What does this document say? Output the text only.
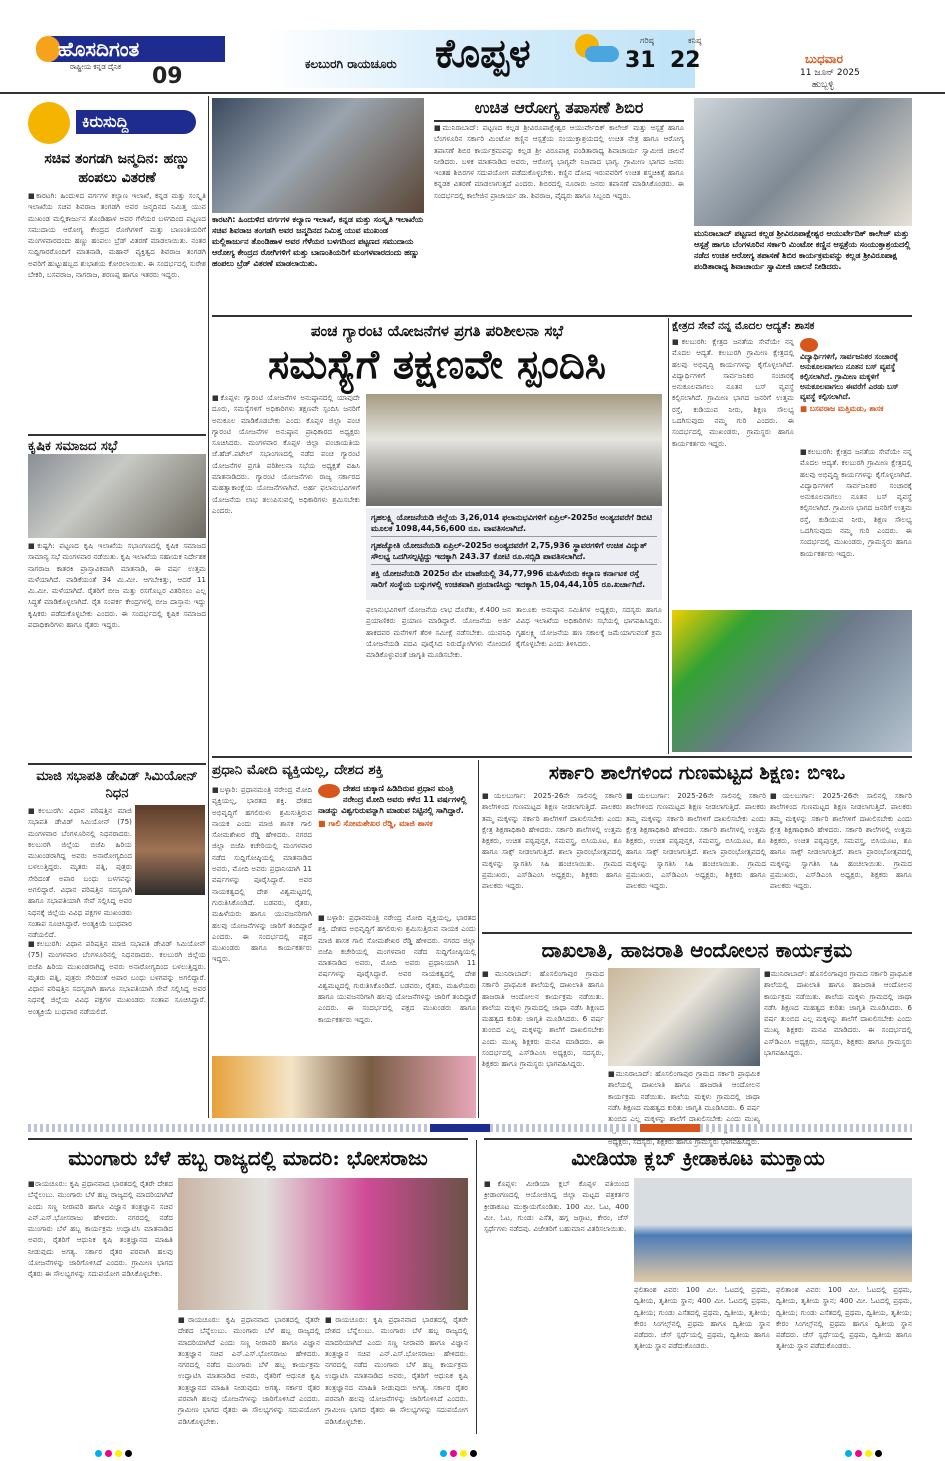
ಹೊಸದಿಗಂತ
ರಾಷ್ಟ್ರೀಯ ಕನ್ನಡ ದೈನಿಕ 09	ಕಲಬುರಗಿ ರಾಯಚೂರು ಕೊಪ್ಪಳ	ಗರಿಷ್ಠ
31
ಕನಿಷ್ಠ
22	ಬುಧವಾರ
11 ಜೂನ್ 2025
ಹುಬ್ಬಳ್ಳಿ
ಕಿರುಸುದ್ದಿ
ಸಚಿವ ತಂಗಡಗಿ ಜನ್ಮದಿನ: ಹಣ್ಣು ಹಂಪಲು ವಿತರಣೆ
■ಕಾರಟಗಿ: ಹಿಂದುಳಿದ ವರ್ಗಗಳ ಕಲ್ಯಾಣ ಇಲಾಖೆ, ಕನ್ನಡ ಮತ್ತು ಸಂಸ್ಕೃತಿ ಇಲಾಖೆಯ ಸಚಿವ ಶಿವರಾಜ ತಂಗಡಗಿ ಅವರ ಜನ್ಮದಿನದ ನಿಮಿತ್ತ ಯುವ ಮುಖಂಡ ಮಲ್ಲಿಕಾರ್ಜುನ ತೊಂಡಿಹಾಳ ಅವರ ಗೆಳೆಯರ ಬಳಗದಿಂದ ಪಟ್ಟಣದ ಸಮುದಾಯ ಆರೋಗ್ಯ ಕೇಂದ್ರದ ರೋಗಿಗಳಿಗೆ ಮತ್ತು ಬಾಣಂತಿಯರಿಗೆ ಮಂಗಳವಾರದಂದು ಹಣ್ಣು ಹಂಪಲು ಬ್ರೆಡ್ ವಿತರಣೆ ಮಾಡಲಾಯಿತು. ನಂತರ ಸುದ್ದಿಗಾರರೊಂದಿಗೆ ಮಾತನಾಡಿ, ಮಹಾನ್ ವ್ಯಕ್ತಿತ್ವದ ಶಿವರಾಜ ತಂಗಡಗಿ ಅವರಿಗೆ ಹುಟ್ಟುಹಬ್ಬದ ಶುಭಾಶಯ ಕೋರಲಾಯಿತು. ಈ ಸಂದರ್ಭದಲ್ಲಿ ಸುರೇಶ ಬೇಕರಿ, ಬಸವರಾಜ, ನಾಗರಾಜ, ಶರಣಪ್ಪ ಹಾಗೂ ಇತರರು ಇದ್ದರು.
ಕೃಷಿಕ ಸಮಾಜದ ಸಭೆ
■ಕುಷ್ಟಗಿ: ಪಟ್ಟಣದ ಕೃಷಿ ಇಲಾಖೆಯ ಸಭಾಂಗಣದಲ್ಲಿ ಕೃಷಿಕ ಸಮಾಜದ ಸಾಮಾನ್ಯ ಸಭೆ ಮಂಗಳವಾರ ನಡೆಯಿತು. ಕೃಷಿ ಇಲಾಖೆಯ ಸಹಾಯಕ ನಿರ್ದೇಶಕ ನಾಗರಾಜ ಕಾತರಕಿ ಪ್ರಾಸ್ತಾವಿಕವಾಗಿ ಮಾತನಾಡಿ, ಈ ವರ್ಷ ಉತ್ತಮ ಮಳೆಯಾಗಿದೆ. ವಾಡಿಕೆಯಂತೆ 34 ಮಿ.ಮೀ. ಆಗಬೇಕಿತ್ತು, ಆದರೆ 11 ಮಿ.ಮೀ. ಮಳೆಯಾಗಿದೆ. ರೈತರಿಗೆ ಬೀಜ ಮತ್ತು ರಸಗೊಬ್ಬರ ವಿತರಿಸಲು ಎಲ್ಲ ಸಿದ್ಧತೆ ಮಾಡಿಕೊಳ್ಳಲಾಗಿದೆ. ರೈತ ಸಂಪರ್ಕ ಕೇಂದ್ರಗಳಲ್ಲಿ ಬೀಜ ದಾಸ್ತಾನು ಇದ್ದು ಕೃಷಿಕರು ಪಡೆದುಕೊಳ್ಳಬೇಕು ಎಂದರು. ಈ ಸಂದರ್ಭದಲ್ಲಿ ಕೃಷಿಕ ಸಮಾಜದ ಪದಾಧಿಕಾರಿಗಳು ಹಾಗೂ ರೈತರು ಇದ್ದರು.
ಮಾಜಿ ಸಭಾಪತಿ ಡೇವಿಡ್ ಸಿಮಿಯೋನ್ ನಿಧನ
■ಕಲಬುರಗಿ: ವಿಧಾನ ಪರಿಷತ್ತಿನ ಮಾಜಿ ಸಭಾಪತಿ ಡೇವಿಡ್ ಸಿಮಿಯೋನ್ (75) ಮಂಗಳವಾರ ಬೆಂಗಳೂರಿನಲ್ಲಿ ನಿಧನರಾದರು. ಕಲಬುರಗಿ ಜಿಲ್ಲೆಯ ಬಿಜೆಪಿ ಹಿರಿಯ ಮುಖಂಡರಾಗಿದ್ದ ಅವರು ಅನಾರೋಗ್ಯದಿಂದ ಬಳಲುತ್ತಿದ್ದರು. ಮೃತರು ಪತ್ನಿ, ಪುತ್ರರು ಸೇರಿದಂತೆ ಅಪಾರ ಬಂಧು ಬಳಗವನ್ನು ಅಗಲಿದ್ದಾರೆ. ವಿಧಾನ ಪರಿಷತ್ತಿನ ಸದಸ್ಯರಾಗಿ ಹಾಗೂ ಸಭಾಪತಿಯಾಗಿ ಸೇವೆ ಸಲ್ಲಿಸಿದ್ದ ಅವರ ನಿಧನಕ್ಕೆ ಜಿಲ್ಲೆಯ ವಿವಿಧ ಪಕ್ಷಗಳ ಮುಖಂಡರು ಸಂತಾಪ ಸೂಚಿಸಿದ್ದಾರೆ. ಅಂತ್ಯಕ್ರಿಯೆ ಬುಧವಾರ ನಡೆಯಲಿದೆ.
■ಕಲಬುರಗಿ: ವಿಧಾನ ಪರಿಷತ್ತಿನ ಮಾಜಿ ಸಭಾಪತಿ ಡೇವಿಡ್ ಸಿಮಿಯೋನ್ (75) ಮಂಗಳವಾರ ಬೆಂಗಳೂರಿನಲ್ಲಿ ನಿಧನರಾದರು. ಕಲಬುರಗಿ ಜಿಲ್ಲೆಯ ಬಿಜೆಪಿ ಹಿರಿಯ ಮುಖಂಡರಾಗಿದ್ದ ಅವರು ಅನಾರೋಗ್ಯದಿಂದ ಬಳಲುತ್ತಿದ್ದರು. ಮೃತರು ಪತ್ನಿ, ಪುತ್ರರು ಸೇರಿದಂತೆ ಅಪಾರ ಬಂಧು ಬಳಗವನ್ನು ಅಗಲಿದ್ದಾರೆ. ವಿಧಾನ ಪರಿಷತ್ತಿನ ಸದಸ್ಯರಾಗಿ ಹಾಗೂ ಸಭಾಪತಿಯಾಗಿ ಸೇವೆ ಸಲ್ಲಿಸಿದ್ದ ಅವರ ನಿಧನಕ್ಕೆ ಜಿಲ್ಲೆಯ ವಿವಿಧ ಪಕ್ಷಗಳ ಮುಖಂಡರು ಸಂತಾಪ ಸೂಚಿಸಿದ್ದಾರೆ. ಅಂತ್ಯಕ್ರಿಯೆ ಬುಧವಾರ ನಡೆಯಲಿದೆ.
ಕಾರಟಗಿ: ಹಿಂದುಳಿದ ವರ್ಗಗಳ ಕಲ್ಯಾಣ ಇಲಾಖೆ, ಕನ್ನಡ ಮತ್ತು ಸಂಸ್ಕೃತಿ ಇಲಾಖೆಯ ಸಚಿವ ಶಿವರಾಜ ತಂಗಡಗಿ ಅವರ ಜನ್ಮದಿನದ ನಿಮಿತ್ತ ಯುವ ಮುಖಂಡ ಮಲ್ಲಿಕಾರ್ಜುನ ತೊಂಡಿಹಾಳ ಅವರ ಗೆಳೆಯರ ಬಳಗದಿಂದ ಪಟ್ಟಣದ ಸಮುದಾಯ ಆರೋಗ್ಯ ಕೇಂದ್ರದ ರೋಗಿಗಳಿಗೆ ಮತ್ತು ಬಾಣಂತಿಯರಿಗೆ ಮಂಗಳವಾರದಂದು ಹಣ್ಣು ಹಂಪಲು ಬ್ರೆಡ್ ವಿತರಣೆ ಮಾಡಲಾಯಿತು.
ಉಚಿತ ಆರೋಗ್ಯ ತಪಾಸಣೆ ಶಿಬಿರ
■ಮುನಿರಾಬಾದ್: ಪಟ್ಟಣದ ಕಲ್ಲಡ ಶ್ರೀವಿರೂಪಾಕ್ಷೇಶ್ವರ ಆಯುರ್ವೇದಿಕ್ ಕಾಲೇಜ್ ಮತ್ತು ಆಸ್ಪತ್ರೆ ಹಾಗೂ ಬೆಂಗಳೂರಿನ ಸರ್ಕಾರಿ ಮಿಂಟೋ ಕಣ್ಣಿನ ಆಸ್ಪತ್ರೆಯ ಸಂಯುಕ್ತಾಶ್ರಯದಲ್ಲಿ ಉಚಿತ ನೇತ್ರ ಹಾಗೂ ಆರೋಗ್ಯ ತಪಾಸಣೆ ಶಿಬಿರ ಕಾರ್ಯಕ್ರಮವನ್ನು ಕಲ್ಲಡ ಶ್ರೀ ವಿರೂಪಾಕ್ಷ ಪಂಡಿತಾರಾಧ್ಯ ಶಿವಾಚಾರ್ಯ ಸ್ವಾಮೀಜಿ ಚಾಲನೆ ನೀಡಿದರು. ಬಳಿಕ ಮಾತನಾಡಿದ ಅವರು, ಆರೋಗ್ಯ ಭಾಗ್ಯವೇ ನಿಜವಾದ ಭಾಗ್ಯ. ಗ್ರಾಮೀಣ ಭಾಗದ ಜನರು ಇಂತಹ ಶಿಬಿರಗಳ ಸದುಪಯೋಗ ಪಡೆದುಕೊಳ್ಳಬೇಕು. ಕಣ್ಣಿನ ದೋಷ ಇರುವವರಿಗೆ ಉಚಿತ ಶಸ್ತ್ರಚಿಕಿತ್ಸೆ ಹಾಗೂ ಕನ್ನಡಕ ವಿತರಣೆ ಮಾಡಲಾಗುತ್ತದೆ ಎಂದರು. ಶಿಬಿರದಲ್ಲಿ ನೂರಾರು ಜನರು ತಪಾಸಣೆ ಮಾಡಿಸಿಕೊಂಡರು. ಈ ಸಂದರ್ಭದಲ್ಲಿ ಕಾಲೇಜಿನ ಪ್ರಾಚಾರ್ಯ ಡಾ. ಶಿವರಾಜ, ವೈದ್ಯರು ಹಾಗೂ ಸಿಬ್ಬಂದಿ ಇದ್ದರು.
ಮುನಿರಾಬಾದ್ ಪಟ್ಟಣದ ಕಲ್ಲಡ ಶ್ರೀವಿರೂಪಾಕ್ಷೇಶ್ವರ ಆಯುರ್ವೇದಿಕ್ ಕಾಲೇಜ್ ಮತ್ತು ಆಸ್ಪತ್ರೆ ಹಾಗೂ ಬೆಂಗಳೂರಿನ ಸರ್ಕಾರಿ ಮಿಂಟೋ ಕಣ್ಣಿನ ಆಸ್ಪತ್ರೆಯ ಸಂಯುಕ್ತಾಶ್ರಯದಲ್ಲಿ ನಡೆದ ಉಚಿತ ಆರೋಗ್ಯ ತಪಾಸಣೆ ಶಿಬಿರ ಕಾರ್ಯಕ್ರಮವನ್ನು ಕಲ್ಲಡ ಶ್ರೀವಿರೂಪಾಕ್ಷ ಪಂಡಿತಾರಾಧ್ಯ ಶಿವಾಚಾರ್ಯ ಸ್ವಾಮೀಜಿ ಚಾಲನೆ ನೀಡಿದರು.
ಪಂಚ ಗ್ಯಾರಂಟಿ ಯೋಜನೆಗಳ ಪ್ರಗತಿ ಪರಿಶೀಲನಾ ಸಭೆ
ಸಮಸ್ಯೆಗೆ ತಕ್ಷಣವೇ ಸ್ಪಂದಿಸಿ
■ಕೊಪ್ಪಳ: ಗ್ಯಾರಂಟಿ ಯೋಜನೆಗಳ ಅನುಷ್ಠಾನದಲ್ಲಿ ಯಾವುದೇ ದೂರು, ಸಮಸ್ಯೆಗಳಿಗೆ ಅಧಿಕಾರಿಗಳು ತಕ್ಷಣವೇ ಸ್ಪಂದಿಸಿ ಜನರಿಗೆ ಅನುಕೂಲ ಮಾಡಿಕೊಡಬೇಕು ಎಂದು ಕೊಪ್ಪಳ ಜಿಲ್ಲಾ ಪಂಚ ಗ್ಯಾರಂಟಿ ಯೋಜನೆಗಳ ಅನುಷ್ಠಾನ ಪ್ರಾಧಿಕಾರದ ಅಧ್ಯಕ್ಷರು ಸೂಚಿಸಿದರು. ಮಂಗಳವಾರ ಕೊಪ್ಪಳ ಜಿಲ್ಲಾ ಪಂಚಾಯತಿಯ ಜೆ.ಹೆಚ್.ಪಟೇಲ್ ಸಭಾಂಗಣದಲ್ಲಿ ನಡೆದ ಪಂಚ ಗ್ಯಾರಂಟಿ ಯೋಜನೆಗಳ ಪ್ರಗತಿ ಪರಿಶೀಲನಾ ಸಭೆಯ ಅಧ್ಯಕ್ಷತೆ ವಹಿಸಿ ಮಾತನಾಡಿದರು. ಗ್ಯಾರಂಟಿ ಯೋಜನೆಗಳು ರಾಜ್ಯ ಸರ್ಕಾರದ ಮಹತ್ವಾಕಾಂಕ್ಷೆಯ ಯೋಜನೆಗಳಾಗಿವೆ. ಅರ್ಹ ಫಲಾನುಭವಿಗಳಿಗೆ ಯೋಜನೆಯ ಲಾಭ ತಲುಪಿಸುವಲ್ಲಿ ಅಧಿಕಾರಿಗಳು ಶ್ರಮಿಸಬೇಕು ಎಂದರು.
ಗೃಹಲಕ್ಷ್ಮಿ ಯೋಜನೆಯಡಿ ಜಿಲ್ಲೆಯ 3,26,014 ಫಲಾನುಭವಿಗಳಿಗೆ ಏಪ್ರಿಲ್-2025ರ ಅಂತ್ಯದವರೆಗೆ ಡಿಬಿಟಿ ಮೂಲಕ 1098,44,56,600 ರೂ. ವಾವತಿಸಲಾಗಿದೆ.
ಗೃಹಜ್ಯೋತಿ ಯೋಜನೆಯಡಿ ಏಪ್ರಿಲ್-2025ರ ಅಂತ್ಯದವರೆಗೆ 2,75,936 ಸ್ಥಾವರಗಳಿಗೆ ಉಚಿತ ವಿದ್ಯುತ್ ಸೌಲಭ್ಯ ಒದಗಿಸಲ್ಪಟ್ಟಿದ್ದು ಇದಕ್ಕಾಗಿ 243.37 ಕೋಟಿ ರೂ.ಸಬ್ಸಿಡಿ ಪಾವತಿಸಲಾಗಿದೆ.
ಶಕ್ತಿ ಯೋಜನೆಯಡಿ 2025ರ ಮೇ ಮಾಹೆಯಲ್ಲಿ 34,77,996 ಮಹಿಳೆಯರು ಕಲ್ಯಾಣ ಕರ್ನಾಟಕ ರಸ್ತೆ ಸಾರಿಗೆ ಸಂಸ್ಥೆಯ ಬಸ್ಸುಗಳಲ್ಲಿ ಉಚಿತವಾಗಿ ಪ್ರಯಾಣಿಸಿದ್ದು ಇದಕ್ಕಾಗಿ 15,04,44,105 ರೂ.ಖರ್ಚಾಗಿದೆ.
ಫಲಾನುಭವಿಗಳಿಗೆ ಯೋಜನೆಯ ಲಾಭ ದೊರೆತು, ಕೆ.400 ಜನ ಪ್ರಯಾಣಿಕರು ಪ್ರಯಾಣ ಮಾಡಿದ್ದಾರೆ. ಯೋಜನೆಯ ಅರ್ಜಿ ಹಾಕದವರ ಮನೆಗಳಿಗೆ ತೆರಳಿ ಸಮೀಕ್ಷೆ ನಡೆಸಬೇಕು. ಯುವನಿಧಿ ಯೋಜನೆಯಡಿ ಪದವಿ ಪೂರೈಸಿದ ನಿರುದ್ಯೋಗಿಗಳು ನೋಂದಣಿ ಮಾಡಿಕೊಳ್ಳುವಂತೆ ಜಾಗೃತಿ ಮೂಡಿಸಬೇಕು.
ತಾಲೂಕು ಅನುಷ್ಠಾನ ಸಮಿತಿಗಳ ಅಧ್ಯಕ್ಷರು, ಸದಸ್ಯರು ಹಾಗೂ ವಿವಿಧ ಇಲಾಖೆಯ ಅಧಿಕಾರಿಗಳು ಸಭೆಯಲ್ಲಿ ಭಾಗವಹಿಸಿದ್ದರು. ಗೃಹಲಕ್ಷ್ಮಿ ಯೋಜನೆಯ ಹಣ ಸಕಾಲಕ್ಕೆ ಜಮೆಯಾಗುವಂತೆ ಕ್ರಮ ಕೈಗೊಳ್ಳಬೇಕು ಎಂದು ತಿಳಿಸಿದರು.
ಕ್ಷೇತ್ರದ ಸೇವೆ ನನ್ನ ಮೊದಲ ಆದ್ಯತೆ: ಶಾಸಕ
■ಕಲಬುರಗಿ: ಕ್ಷೇತ್ರದ ಜನತೆಯ ಸೇವೆಯೇ ನನ್ನ ಮೊದಲ ಆದ್ಯತೆ. ಕಲಬುರಗಿ ಗ್ರಾಮೀಣ ಕ್ಷೇತ್ರದಲ್ಲಿ ಹಲವು ಅಭಿವೃದ್ಧಿ ಕಾರ್ಯಗಳನ್ನು ಕೈಗೊಳ್ಳಲಾಗಿದೆ. ವಿದ್ಯಾರ್ಥಿಗಳಿಗೆ ಸಾರ್ವಜನಿಕರ ಸಂಚಾರಕ್ಕೆ ಅನುಕೂಲವಾಗಲು ನೂತನ ಬಸ್ ವ್ಯವಸ್ಥೆ ಕಲ್ಪಿಸಲಾಗಿದೆ. ಗ್ರಾಮೀಣ ಭಾಗದ ಜನರಿಗೆ ಉತ್ತಮ ರಸ್ತೆ, ಕುಡಿಯುವ ನೀರು, ಶಿಕ್ಷಣ ಸೌಲಭ್ಯ ಒದಗಿಸುವುದು ನಮ್ಮ ಗುರಿ ಎಂದರು. ಈ ಸಂದರ್ಭದಲ್ಲಿ ಮುಖಂಡರು, ಗ್ರಾಮಸ್ಥರು ಹಾಗೂ ಕಾರ್ಯಕರ್ತರು ಇದ್ದರು.
ವಿದ್ಯಾರ್ಥಿಗಳಿಗೆ, ಸಾರ್ವಜನಿಕರ ಸಂಚಾರಕ್ಕೆ ಅನುಕೂಲವಾಗಲು ನೂತನ ಬಸ್ ವ್ಯವಸ್ಥೆ ಕಲ್ಪಿಸಲಾಗಿದೆ. ಗ್ರಾಮೀಣ ಮಕ್ಕಳಿಗೆ ಅನುಕೂಲವಾಗಲು ಈವರೆಗೆ ಎರಡು ಬಸ್ ವ್ಯವಸ್ಥೆ ಕಲ್ಪಿಸಲಾಗಿದೆ.
■ ಬಸವರಾಜ ಮತ್ತಿಮಡು, ಶಾಸಕ
■ಕಲಬುರಗಿ: ಕ್ಷೇತ್ರದ ಜನತೆಯ ಸೇವೆಯೇ ನನ್ನ ಮೊದಲ ಆದ್ಯತೆ. ಕಲಬುರಗಿ ಗ್ರಾಮೀಣ ಕ್ಷೇತ್ರದಲ್ಲಿ ಹಲವು ಅಭಿವೃದ್ಧಿ ಕಾರ್ಯಗಳನ್ನು ಕೈಗೊಳ್ಳಲಾಗಿದೆ. ವಿದ್ಯಾರ್ಥಿಗಳಿಗೆ ಸಾರ್ವಜನಿಕರ ಸಂಚಾರಕ್ಕೆ ಅನುಕೂಲವಾಗಲು ನೂತನ ಬಸ್ ವ್ಯವಸ್ಥೆ ಕಲ್ಪಿಸಲಾಗಿದೆ. ಗ್ರಾಮೀಣ ಭಾಗದ ಜನರಿಗೆ ಉತ್ತಮ ರಸ್ತೆ, ಕುಡಿಯುವ ನೀರು, ಶಿಕ್ಷಣ ಸೌಲಭ್ಯ ಒದಗಿಸುವುದು ನಮ್ಮ ಗುರಿ ಎಂದರು. ಈ ಸಂದರ್ಭದಲ್ಲಿ ಮುಖಂಡರು, ಗ್ರಾಮಸ್ಥರು ಹಾಗೂ ಕಾರ್ಯಕರ್ತರು ಇದ್ದರು.
ಪ್ರಧಾನಿ ಮೋದಿ ವ್ಯಕ್ತಿಯಲ್ಲ, ದೇಶದ ಶಕ್ತಿ
■ಬಳ್ಳಾರಿ: ಪ್ರಧಾನಮಂತ್ರಿ ನರೇಂದ್ರ ಮೋದಿ ವ್ಯಕ್ತಿಯಲ್ಲ, ಭಾರತದ ಶಕ್ತಿ. ದೇಶದ ಅಭಿವೃದ್ಧಿಗೆ ಹಗಲಿರುಳು ಶ್ರಮಿಸುತ್ತಿರುವ ನಾಯಕ ಎಂದು ಮಾಜಿ ಶಾಸಕ ಗಾಲಿ ಸೋಮಶೇಖರ ರೆಡ್ಡಿ ಹೇಳಿದರು. ನಗರದ ಜಿಲ್ಲಾ ಬಿಜೆಪಿ ಕಚೇರಿಯಲ್ಲಿ ಮಂಗಳವಾರ ನಡೆದ ಸುದ್ದಿಗೋಷ್ಠಿಯಲ್ಲಿ ಮಾತನಾಡಿದ ಅವರು, ಮೋದಿ ಅವರು ಪ್ರಧಾನಿಯಾಗಿ 11 ವರ್ಷಗಳನ್ನು ಪೂರೈಸಿದ್ದಾರೆ. ಅವರ ನಾಯಕತ್ವದಲ್ಲಿ ದೇಶ ವಿಶ್ವಮಟ್ಟದಲ್ಲಿ ಗುರುತಿಸಿಕೊಂಡಿದೆ. ಬಡವರು, ರೈತರು, ಮಹಿಳೆಯರು ಹಾಗೂ ಯುವಜನರಿಗಾಗಿ ಹಲವು ಯೋಜನೆಗಳನ್ನು ಜಾರಿಗೆ ತಂದಿದ್ದಾರೆ ಎಂದರು. ಈ ಸಂದರ್ಭದಲ್ಲಿ ಪಕ್ಷದ ಮುಖಂಡರು ಹಾಗೂ ಕಾರ್ಯಕರ್ತರು ಇದ್ದರು.
ದೇಶದ ಚುಕ್ಕಾಣಿ ಹಿಡಿದಿರುವ ಪ್ರಧಾನ ಮಂತ್ರಿ ನರೇಂದ್ರ ಮೋದಿ ಅವರು ಕಳೆದ 11 ವರ್ಷಗಳಲ್ಲಿ ನಾಡನ್ನು ವಿಶ್ವಗುರುವನ್ನಾಗಿ ಮಾಡುವ ನಿಟ್ಟಿನಲ್ಲಿ ಸಾಗಿದ್ದಾರೆ.
■ ಗಾಲಿ ಸೋಮಶೇಖರ ರೆಡ್ಡಿ, ಮಾಜಿ ಶಾಸಕ
■ಬಳ್ಳಾರಿ: ಪ್ರಧಾನಮಂತ್ರಿ ನರೇಂದ್ರ ಮೋದಿ ವ್ಯಕ್ತಿಯಲ್ಲ, ಭಾರತದ ಶಕ್ತಿ. ದೇಶದ ಅಭಿವೃದ್ಧಿಗೆ ಹಗಲಿರುಳು ಶ್ರಮಿಸುತ್ತಿರುವ ನಾಯಕ ಎಂದು ಮಾಜಿ ಶಾಸಕ ಗಾಲಿ ಸೋಮಶೇಖರ ರೆಡ್ಡಿ ಹೇಳಿದರು. ನಗರದ ಜಿಲ್ಲಾ ಬಿಜೆಪಿ ಕಚೇರಿಯಲ್ಲಿ ಮಂಗಳವಾರ ನಡೆದ ಸುದ್ದಿಗೋಷ್ಠಿಯಲ್ಲಿ ಮಾತನಾಡಿದ ಅವರು, ಮೋದಿ ಅವರು ಪ್ರಧಾನಿಯಾಗಿ 11 ವರ್ಷಗಳನ್ನು ಪೂರೈಸಿದ್ದಾರೆ. ಅವರ ನಾಯಕತ್ವದಲ್ಲಿ ದೇಶ ವಿಶ್ವಮಟ್ಟದಲ್ಲಿ ಗುರುತಿಸಿಕೊಂಡಿದೆ. ಬಡವರು, ರೈತರು, ಮಹಿಳೆಯರು ಹಾಗೂ ಯುವಜನರಿಗಾಗಿ ಹಲವು ಯೋಜನೆಗಳನ್ನು ಜಾರಿಗೆ ತಂದಿದ್ದಾರೆ ಎಂದರು. ಈ ಸಂದರ್ಭದಲ್ಲಿ ಪಕ್ಷದ ಮುಖಂಡರು ಹಾಗೂ ಕಾರ್ಯಕರ್ತರು ಇದ್ದರು.
ಸರ್ಕಾರಿ ಶಾಲೆಗಳಿಂದ ಗುಣಮಟ್ಟದ ಶಿಕ್ಷಣ: ಬಿಇಒ
■ಯಲಬುರ್ಗಾ: 2025-26ನೇ ಸಾಲಿನಲ್ಲಿ ಸರ್ಕಾರಿ ಶಾಲೆಗಳಿಂದ ಗುಣಮಟ್ಟದ ಶಿಕ್ಷಣ ನೀಡಲಾಗುತ್ತಿದೆ. ಪಾಲಕರು ತಮ್ಮ ಮಕ್ಕಳನ್ನು ಸರ್ಕಾರಿ ಶಾಲೆಗಳಿಗೆ ದಾಖಲಿಸಬೇಕು ಎಂದು ಕ್ಷೇತ್ರ ಶಿಕ್ಷಣಾಧಿಕಾರಿ ಹೇಳಿದರು. ಸರ್ಕಾರಿ ಶಾಲೆಗಳಲ್ಲಿ ಉತ್ತಮ ಶಿಕ್ಷಕರು, ಉಚಿತ ಪಠ್ಯಪುಸ್ತಕ, ಸಮವಸ್ತ್ರ, ಬಿಸಿಯೂಟ, ಶೂ ಹಾಗೂ ಸಾಕ್ಸ್ ನೀಡಲಾಗುತ್ತಿದೆ. ಶಾಲಾ ಪ್ರಾರಂಭೋತ್ಸವದಲ್ಲಿ ಮಕ್ಕಳನ್ನು ಸ್ವಾಗತಿಸಿ ಸಿಹಿ ಹಂಚಲಾಯಿತು. ಗ್ರಾಮದ ಪ್ರಮುಖರು, ಎಸ್‌ಡಿಎಂಸಿ ಅಧ್ಯಕ್ಷರು, ಶಿಕ್ಷಕರು ಹಾಗೂ ಪಾಲಕರು ಇದ್ದರು.
■ಯಲಬುರ್ಗಾ: 2025-26ನೇ ಸಾಲಿನಲ್ಲಿ ಸರ್ಕಾರಿ ಶಾಲೆಗಳಿಂದ ಗುಣಮಟ್ಟದ ಶಿಕ್ಷಣ ನೀಡಲಾಗುತ್ತಿದೆ. ಪಾಲಕರು ತಮ್ಮ ಮಕ್ಕಳನ್ನು ಸರ್ಕಾರಿ ಶಾಲೆಗಳಿಗೆ ದಾಖಲಿಸಬೇಕು ಎಂದು ಕ್ಷೇತ್ರ ಶಿಕ್ಷಣಾಧಿಕಾರಿ ಹೇಳಿದರು. ಸರ್ಕಾರಿ ಶಾಲೆಗಳಲ್ಲಿ ಉತ್ತಮ ಶಿಕ್ಷಕರು, ಉಚಿತ ಪಠ್ಯಪುಸ್ತಕ, ಸಮವಸ್ತ್ರ, ಬಿಸಿಯೂಟ, ಶೂ ಹಾಗೂ ಸಾಕ್ಸ್ ನೀಡಲಾಗುತ್ತಿದೆ. ಶಾಲಾ ಪ್ರಾರಂಭೋತ್ಸವದಲ್ಲಿ ಮಕ್ಕಳನ್ನು ಸ್ವಾಗತಿಸಿ ಸಿಹಿ ಹಂಚಲಾಯಿತು. ಗ್ರಾಮದ ಪ್ರಮುಖರು, ಎಸ್‌ಡಿಎಂಸಿ ಅಧ್ಯಕ್ಷರು, ಶಿಕ್ಷಕರು ಹಾಗೂ ಪಾಲಕರು ಇದ್ದರು.
■ಯಲಬುರ್ಗಾ: 2025-26ನೇ ಸಾಲಿನಲ್ಲಿ ಸರ್ಕಾರಿ ಶಾಲೆಗಳಿಂದ ಗುಣಮಟ್ಟದ ಶಿಕ್ಷಣ ನೀಡಲಾಗುತ್ತಿದೆ. ಪಾಲಕರು ತಮ್ಮ ಮಕ್ಕಳನ್ನು ಸರ್ಕಾರಿ ಶಾಲೆಗಳಿಗೆ ದಾಖಲಿಸಬೇಕು ಎಂದು ಕ್ಷೇತ್ರ ಶಿಕ್ಷಣಾಧಿಕಾರಿ ಹೇಳಿದರು. ಸರ್ಕಾರಿ ಶಾಲೆಗಳಲ್ಲಿ ಉತ್ತಮ ಶಿಕ್ಷಕರು, ಉಚಿತ ಪಠ್ಯಪುಸ್ತಕ, ಸಮವಸ್ತ್ರ, ಬಿಸಿಯೂಟ, ಶೂ ಹಾಗೂ ಸಾಕ್ಸ್ ನೀಡಲಾಗುತ್ತಿದೆ. ಶಾಲಾ ಪ್ರಾರಂಭೋತ್ಸವದಲ್ಲಿ ಮಕ್ಕಳನ್ನು ಸ್ವಾಗತಿಸಿ ಸಿಹಿ ಹಂಚಲಾಯಿತು. ಗ್ರಾಮದ ಪ್ರಮುಖರು, ಎಸ್‌ಡಿಎಂಸಿ ಅಧ್ಯಕ್ಷರು, ಶಿಕ್ಷಕರು ಹಾಗೂ ಪಾಲಕರು ಇದ್ದರು.
ದಾಖಲಾತಿ, ಹಾಜರಾತಿ ಆಂದೋಲನ ಕಾರ್ಯಕ್ರಮ
■ಮುನಿರಾಬಾದ್: ಹೊಸಲಿಂಗಾಪುರ ಗ್ರಾಮದ ಸರ್ಕಾರಿ ಪ್ರಾಥಮಿಕ ಶಾಲೆಯಲ್ಲಿ ದಾಖಲಾತಿ ಹಾಗೂ ಹಾಜರಾತಿ ಆಂದೋಲನ ಕಾರ್ಯಕ್ರಮ ನಡೆಯಿತು. ಶಾಲೆಯ ಮಕ್ಕಳು ಗ್ರಾಮದಲ್ಲಿ ಜಾಥಾ ನಡೆಸಿ ಶಿಕ್ಷಣದ ಮಹತ್ವದ ಕುರಿತು ಜಾಗೃತಿ ಮೂಡಿಸಿದರು. 6 ವರ್ಷ ತುಂಬಿದ ಎಲ್ಲ ಮಕ್ಕಳನ್ನು ಶಾಲೆಗೆ ದಾಖಲಿಸಬೇಕು ಎಂದು ಮುಖ್ಯ ಶಿಕ್ಷಕರು ಮನವಿ ಮಾಡಿದರು. ಈ ಸಂದರ್ಭದಲ್ಲಿ ಎಸ್‌ಡಿಎಂಸಿ ಅಧ್ಯಕ್ಷರು, ಸದಸ್ಯರು, ಶಿಕ್ಷಕರು ಹಾಗೂ ಗ್ರಾಮಸ್ಥರು ಭಾಗವಹಿಸಿದ್ದರು.
■ಮುನಿರಾಬಾದ್: ಹೊಸಲಿಂಗಾಪುರ ಗ್ರಾಮದ ಸರ್ಕಾರಿ ಪ್ರಾಥಮಿಕ ಶಾಲೆಯಲ್ಲಿ ದಾಖಲಾತಿ ಹಾಗೂ ಹಾಜರಾತಿ ಆಂದೋಲನ ಕಾರ್ಯಕ್ರಮ ನಡೆಯಿತು. ಶಾಲೆಯ ಮಕ್ಕಳು ಗ್ರಾಮದಲ್ಲಿ ಜಾಥಾ ನಡೆಸಿ ಶಿಕ್ಷಣದ ಮಹತ್ವದ ಕುರಿತು ಜಾಗೃತಿ ಮೂಡಿಸಿದರು. 6 ವರ್ಷ ತುಂಬಿದ ಎಲ್ಲ ಮಕ್ಕಳನ್ನು ಶಾಲೆಗೆ ದಾಖಲಿಸಬೇಕು ಎಂದು ಮುಖ್ಯ ಅಧ್ಯಕ್ಷರು, ಸದಸ್ಯರು, ಶಿಕ್ಷಕರು ಹಾಗೂ ಗ್ರಾಮಸ್ಥರು ಭಾಗವಹಿಸಿದ್ದರು.
■ಮುನಿರಾಬಾದ್: ಹೊಸಲಿಂಗಾಪುರ ಗ್ರಾಮದ ಸರ್ಕಾರಿ ಪ್ರಾಥಮಿಕ ಶಾಲೆಯಲ್ಲಿ ದಾಖಲಾತಿ ಹಾಗೂ ಹಾಜರಾತಿ ಆಂದೋಲನ ಕಾರ್ಯಕ್ರಮ ನಡೆಯಿತು. ಶಾಲೆಯ ಮಕ್ಕಳು ಗ್ರಾಮದಲ್ಲಿ ಜಾಥಾ ನಡೆಸಿ ಶಿಕ್ಷಣದ ಮಹತ್ವದ ಕುರಿತು ಜಾಗೃತಿ ಮೂಡಿಸಿದರು. 6 ವರ್ಷ ತುಂಬಿದ ಎಲ್ಲ ಮಕ್ಕಳನ್ನು ಶಾಲೆಗೆ ದಾಖಲಿಸಬೇಕು ಎಂದು ಮುಖ್ಯ ಶಿಕ್ಷಕರು ಮನವಿ ಮಾಡಿದರು. ಈ ಸಂದರ್ಭದಲ್ಲಿ ಎಸ್‌ಡಿಎಂಸಿ ಅಧ್ಯಕ್ಷರು, ಸದಸ್ಯರು, ಶಿಕ್ಷಕರು ಹಾಗೂ ಗ್ರಾಮಸ್ಥರು ಭಾಗವಹಿಸಿದ್ದರು.
ಮುಂಗಾರು ಬೆಳೆ ಹಬ್ಬ ರಾಜ್ಯದಲ್ಲಿ ಮಾದರಿ: ಭೋಸರಾಜು
■ರಾಯಚೂರು: ಕೃಷಿ ಪ್ರಧಾನವಾದ ಭಾರತದಲ್ಲಿ ರೈತರೇ ದೇಶದ ಬೆನ್ನೆಲುಬು. ಮುಂಗಾರು ಬೆಳೆ ಹಬ್ಬ ರಾಜ್ಯದಲ್ಲಿ ಮಾದರಿಯಾಗಿದೆ ಎಂದು ಸಣ್ಣ ನೀರಾವರಿ ಹಾಗೂ ವಿಜ್ಞಾನ ತಂತ್ರಜ್ಞಾನ ಸಚಿವ ಎನ್.ಎಸ್.ಭೋಸರಾಜು ಹೇಳಿದರು. ನಗರದಲ್ಲಿ ನಡೆದ ಮುಂಗಾರು ಬೆಳೆ ಹಬ್ಬ ಕಾರ್ಯಕ್ರಮ ಉದ್ಘಾಟಿಸಿ ಮಾತನಾಡಿದ ಅವರು, ರೈತರಿಗೆ ಆಧುನಿಕ ಕೃಷಿ ತಂತ್ರಜ್ಞಾನದ ಮಾಹಿತಿ ನೀಡುವುದು ಅಗತ್ಯ. ಸರ್ಕಾರ ರೈತರ ಪರವಾಗಿ ಹಲವು ಯೋಜನೆಗಳನ್ನು ಜಾರಿಗೊಳಿಸಿದೆ ಎಂದರು. ಗ್ರಾಮೀಣ ಭಾಗದ ರೈತರು ಈ ಸೌಲಭ್ಯಗಳನ್ನು ಸದುಪಯೋಗ ಪಡಿಸಿಕೊಳ್ಳಬೇಕು.
■ರಾಯಚೂರು: ಕೃಷಿ ಪ್ರಧಾನವಾದ ಭಾರತದಲ್ಲಿ ರೈತರೇ ದೇಶದ ಬೆನ್ನೆಲುಬು. ಮುಂಗಾರು ಬೆಳೆ ಹಬ್ಬ ರಾಜ್ಯದಲ್ಲಿ ಮಾದರಿಯಾಗಿದೆ ಎಂದು ಸಣ್ಣ ನೀರಾವರಿ ಹಾಗೂ ವಿಜ್ಞಾನ ತಂತ್ರಜ್ಞಾನ ಸಚಿವ ಎನ್.ಎಸ್.ಭೋಸರಾಜು ಹೇಳಿದರು. ನಗರದಲ್ಲಿ ನಡೆದ ಮುಂಗಾರು ಬೆಳೆ ಹಬ್ಬ ಕಾರ್ಯಕ್ರಮ ಉದ್ಘಾಟಿಸಿ ಮಾತನಾಡಿದ ಅವರು, ರೈತರಿಗೆ ಆಧುನಿಕ ಕೃಷಿ ತಂತ್ರಜ್ಞಾನದ ಮಾಹಿತಿ ನೀಡುವುದು ಅಗತ್ಯ. ಸರ್ಕಾರ ರೈತರ ಪರವಾಗಿ ಹಲವು ಯೋಜನೆಗಳನ್ನು ಜಾರಿಗೊಳಿಸಿದೆ ಎಂದರು. ಗ್ರಾಮೀಣ ಭಾಗದ ರೈತರು ಈ ಸೌಲಭ್ಯಗಳನ್ನು ಸದುಪಯೋಗ ಪಡಿಸಿಕೊಳ್ಳಬೇಕು.
■ರಾಯಚೂರು: ಕೃಷಿ ಪ್ರಧಾನವಾದ ಭಾರತದಲ್ಲಿ ರೈತರೇ ದೇಶದ ಬೆನ್ನೆಲುಬು. ಮುಂಗಾರು ಬೆಳೆ ಹಬ್ಬ ರಾಜ್ಯದಲ್ಲಿ ಮಾದರಿಯಾಗಿದೆ ಎಂದು ಸಣ್ಣ ನೀರಾವರಿ ಹಾಗೂ ವಿಜ್ಞಾನ ತಂತ್ರಜ್ಞಾನ ಸಚಿವ ಎನ್.ಎಸ್.ಭೋಸರಾಜು ಹೇಳಿದರು. ನಗರದಲ್ಲಿ ನಡೆದ ಮುಂಗಾರು ಬೆಳೆ ಹಬ್ಬ ಕಾರ್ಯಕ್ರಮ ಉದ್ಘಾಟಿಸಿ ಮಾತನಾಡಿದ ಅವರು, ರೈತರಿಗೆ ಆಧುನಿಕ ಕೃಷಿ ತಂತ್ರಜ್ಞಾನದ ಮಾಹಿತಿ ನೀಡುವುದು ಅಗತ್ಯ. ಸರ್ಕಾರ ರೈತರ ಪರವಾಗಿ ಹಲವು ಯೋಜನೆಗಳನ್ನು ಜಾರಿಗೊಳಿಸಿದೆ ಎಂದರು. ಗ್ರಾಮೀಣ ಭಾಗದ ರೈತರು ಈ ಸೌಲಭ್ಯಗಳನ್ನು ಸದುಪಯೋಗ ಪಡಿಸಿಕೊಳ್ಳಬೇಕು.
ಮೀಡಿಯಾ ಕ್ಲಬ್ ಕ್ರೀಡಾಕೂಟ ಮುಕ್ತಾಯ
■ಕೊಪ್ಪಳ: ಮೀಡಿಯಾ ಕ್ಲಬ್ ಕೊಪ್ಪಳ ವತಿಯಿಂದ ಕ್ರೀಡಾಂಗಣದಲ್ಲಿ ಆಯೋಜಿಸಿದ್ದ ಜಿಲ್ಲಾ ಮಟ್ಟದ ಪತ್ರಕರ್ತರ ಕ್ರೀಡಾಕೂಟ ಮುಕ್ತಾಯಗೊಂಡಿತು. 100 ಮೀ. ಓಟ, 400 ಮೀ. ಓಟ, ಗುಂಡು ಎಸೆತ, ಹಗ್ಗ ಜಗ್ಗಾಟ, ಕೇರಂ, ಚೆಸ್ ಸ್ಪರ್ಧೆಗಳು ನಡೆದವು. ವಿಜೇತರಿಗೆ ಬಹುಮಾನ ವಿತರಿಸಲಾಯಿತು.
ಫಲಿತಾಂಶ ವಿವರ: 100 ಮೀ. ಓಟದಲ್ಲಿ ಪ್ರಥಮ, ದ್ವಿತೀಯ, ತೃತೀಯ ಸ್ಥಾನ; 400 ಮೀ. ಓಟದಲ್ಲಿ ಪ್ರಥಮ, ದ್ವಿತೀಯ; ಗುಂಡು ಎಸೆತದಲ್ಲಿ ಪ್ರಥಮ, ದ್ವಿತೀಯ, ತೃತೀಯ; ಕೇರಂ ಸಿಂಗಲ್ಸ್‌ನಲ್ಲಿ ಪ್ರಥಮ ಹಾಗೂ ದ್ವಿತೀಯ ಸ್ಥಾನ ಪಡೆದರು. ಚೆಸ್ ಸ್ಪರ್ಧೆಯಲ್ಲಿ ಪ್ರಥಮ, ದ್ವಿತೀಯ ಹಾಗೂ ತೃತೀಯ ಸ್ಥಾನ ಪಡೆದುಕೊಂಡರು.
ಫಲಿತಾಂಶ ವಿವರ: 100 ಮೀ. ಓಟದಲ್ಲಿ ಪ್ರಥಮ, ದ್ವಿತೀಯ, ತೃತೀಯ ಸ್ಥಾನ; 400 ಮೀ. ಓಟದಲ್ಲಿ ಪ್ರಥಮ, ದ್ವಿತೀಯ; ಗುಂಡು ಎಸೆತದಲ್ಲಿ ಪ್ರಥಮ, ದ್ವಿತೀಯ, ತೃತೀಯ; ಕೇರಂ ಸಿಂಗಲ್ಸ್‌ನಲ್ಲಿ ಪ್ರಥಮ ಹಾಗೂ ದ್ವಿತೀಯ ಸ್ಥಾನ ಪಡೆದರು. ಚೆಸ್ ಸ್ಪರ್ಧೆಯಲ್ಲಿ ಪ್ರಥಮ, ದ್ವಿತೀಯ ಹಾಗೂ ತೃತೀಯ ಸ್ಥಾನ ಪಡೆದುಕೊಂಡರು.
